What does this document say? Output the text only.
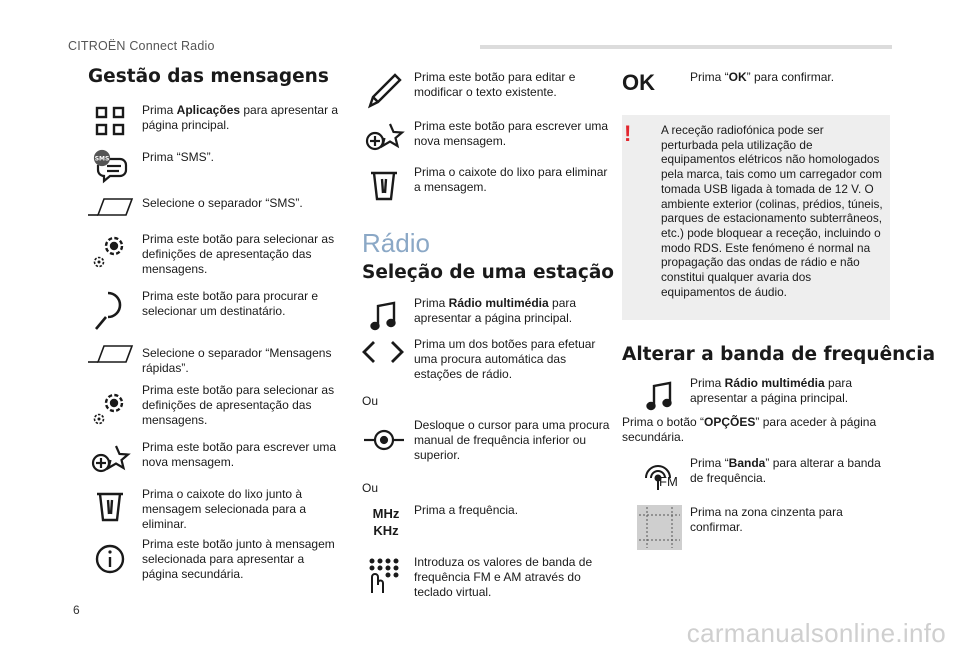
CITROËN Connect Radio
Gestão das mensagens
Prima Aplicações para apresentar a página principal.
SMS	Prima “SMS”.
Selecione o separador “SMS”.
Prima este botão para selecionar as definições de apresentação das mensagens.
Prima este botão para procurar e selecionar um destinatário.
Selecione o separador “Mensagens rápidas”.
Prima este botão para selecionar as definições de apresentação das mensagens.
Prima este botão para escrever uma nova mensagem.
Prima o caixote do lixo junto à mensagem selecionada para a eliminar.
Prima este botão junto à mensagem selecionada para apresentar a página secundária.
Prima este botão para editar e modificar o texto existente.
Prima este botão para escrever uma nova mensagem.
Prima o caixote do lixo para eliminar a mensagem.
Rádio
Seleção de uma estação
Prima Rádio multimédia para apresentar a página principal.
Prima um dos botões para efetuar uma procura automática das estações de rádio.
Ou
Desloque o cursor para uma procura manual de frequência inferior ou superior.
Ou
MHz
KHz
Prima a frequência.
Introduza os valores de banda de frequência FM e AM através do teclado virtual.
OK	Prima “OK” para confirmar.
!	A receção radiofónica pode ser perturbada pela utilização de equipamentos elétricos não homologados pela marca, tais como um carregador com tomada USB ligada à tomada de 12 V. O ambiente exterior (colinas, prédios, túneis, parques de estacionamento subterrâneos, etc.) pode bloquear a receção, incluindo o modo RDS. Este fenómeno é normal na propagação das ondas de rádio e não constitui qualquer avaria dos equipamentos de áudio.
Alterar a banda de frequência
Prima Rádio multimédia para apresentar a página principal.
Prima o botão “OPÇÕES” para aceder à página secundária.
FM
Prima “Banda” para alterar a banda de frequência.
Prima na zona cinzenta para confirmar.
6
carmanualsonline.info
